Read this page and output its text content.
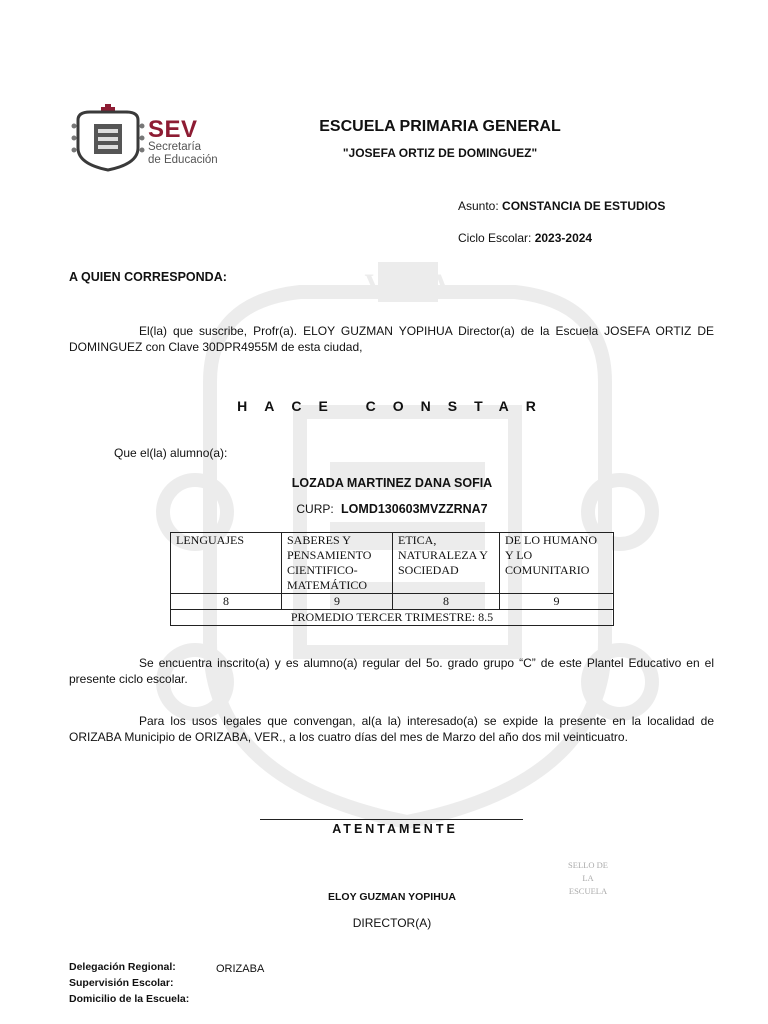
VERA
SEV
Secretaría
de Educación
ESCUELA PRIMARIA GENERAL
"JOSEFA ORTIZ DE DOMINGUEZ"
Asunto: CONSTANCIA DE ESTUDIOS
Ciclo Escolar: 2023-2024
A QUIEN CORRESPONDA:
El(la) que suscribe, Profr(a). ELOY GUZMAN YOPIHUA Director(a) de la Escuela JOSEFA ORTIZ DE DOMINGUEZ con Clave 30DPR4955M de esta ciudad,
HACE CONSTAR
Que el(la) alumno(a):
LOZADA MARTINEZ DANA SOFIA
CURP: LOMD130603MVZZRNA7
LENGUAJES	SABERES Y PENSAMIENTO CIENTIFICO-MATEMÁTICO	ETICA, NATURALEZA Y SOCIEDAD	DE LO HUMANO Y LO COMUNITARIO
8	9	8	9
PROMEDIO TERCER TRIMESTRE: 8.5			
Se encuentra inscrito(a) y es alumno(a) regular del 5o. grado grupo “C” de este Plantel Educativo en el presente ciclo escolar.
Para los usos legales que convengan, al(a la) interesado(a) se expide la presente en la localidad de ORIZABA Municipio de ORIZABA, VER., a los cuatro días del mes de Marzo del año dos mil veinticuatro.
ATENTAMENTE
SELLO DE
LA
ESCUELA
ELOY GUZMAN YOPIHUA
DIRECTOR(A)
Delegación Regional:	ORIZABA
Supervisión Escolar:
Domicilio de la Escuela:
